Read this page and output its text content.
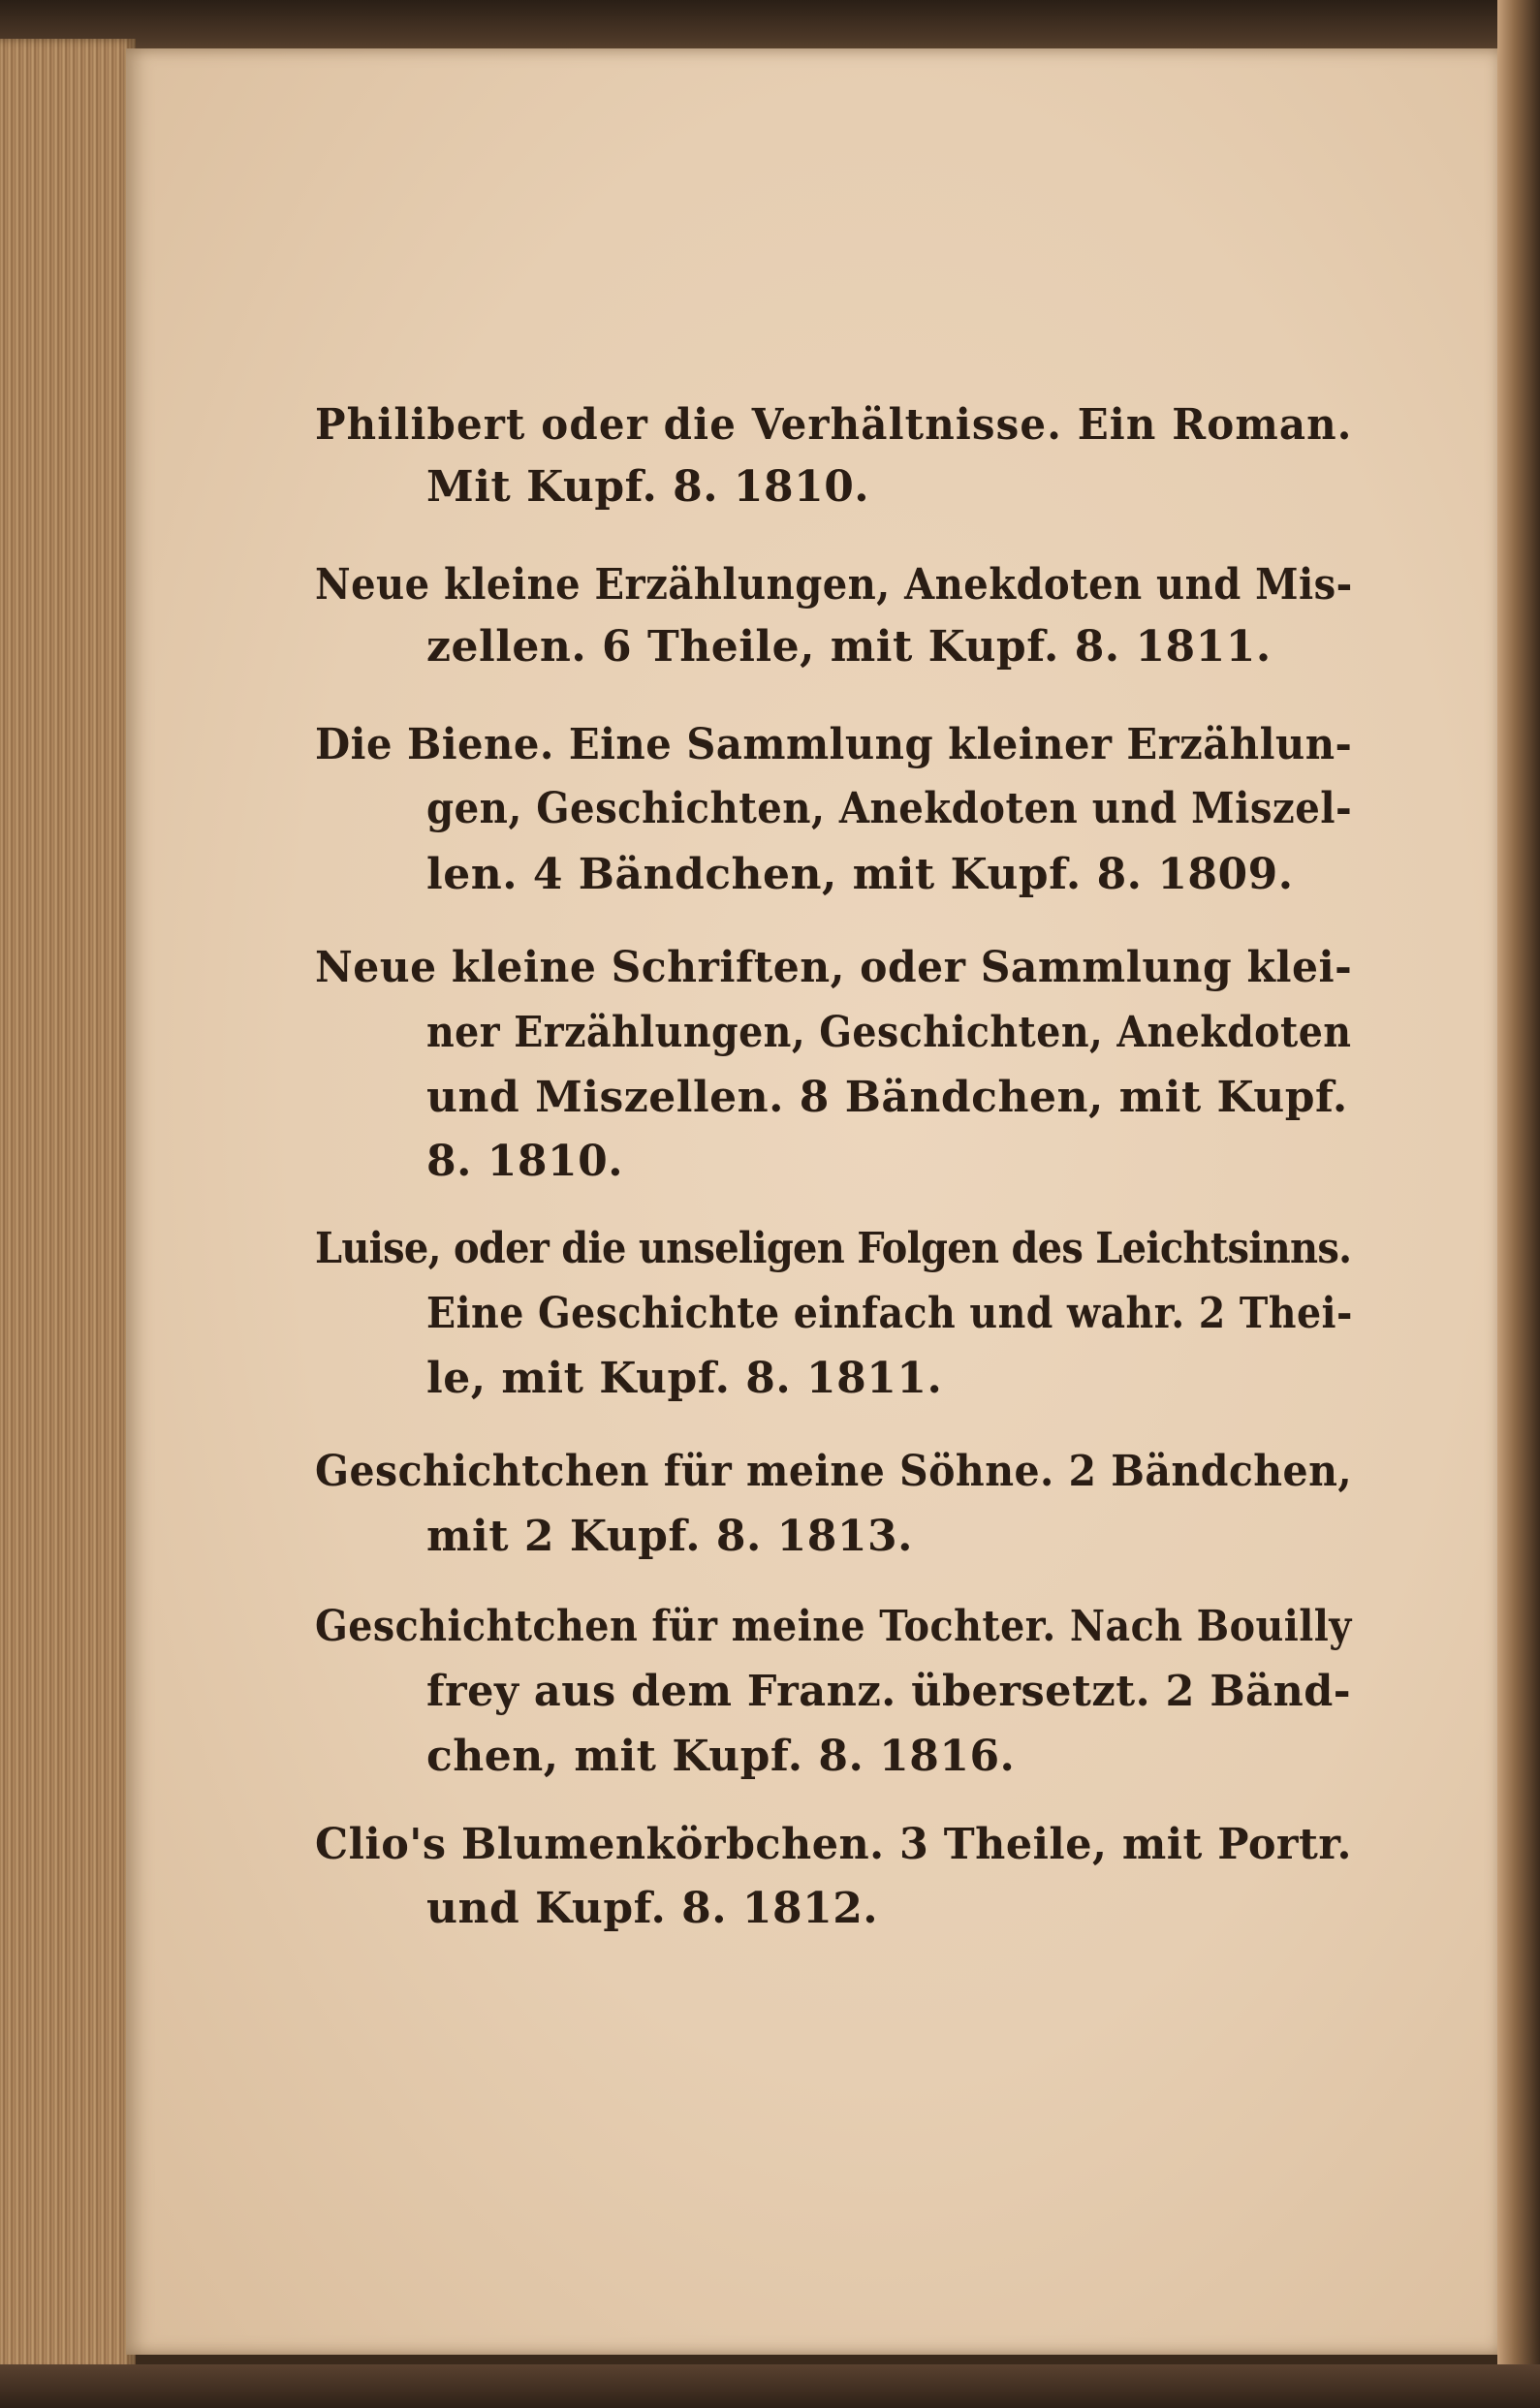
Philibert oder die Verhältnisse. Ein Roman.
Mit Kupf. 8. 1810.
Neue kleine Erzählungen, Anekdoten und Mis-
zellen. 6 Theile, mit Kupf. 8. 1811.
Die Biene. Eine Sammlung kleiner Erzählun-
gen, Geschichten, Anekdoten und Miszel-
len. 4 Bändchen, mit Kupf. 8. 1809.
Neue kleine Schriften, oder Sammlung klei-
ner Erzählungen, Geschichten, Anekdoten
und Miszellen. 8 Bändchen, mit Kupf.
8. 1810.
Luise, oder die unseligen Folgen des Leichtsinns.
Eine Geschichte einfach und wahr. 2 Thei-
le, mit Kupf. 8. 1811.
Geschichtchen für meine Söhne. 2 Bändchen,
mit 2 Kupf. 8. 1813.
Geschichtchen für meine Tochter. Nach Bouilly
frey aus dem Franz. übersetzt. 2 Bänd-
chen, mit Kupf. 8. 1816.
Clio's Blumenkörbchen. 3 Theile, mit Portr.
und Kupf. 8. 1812.
